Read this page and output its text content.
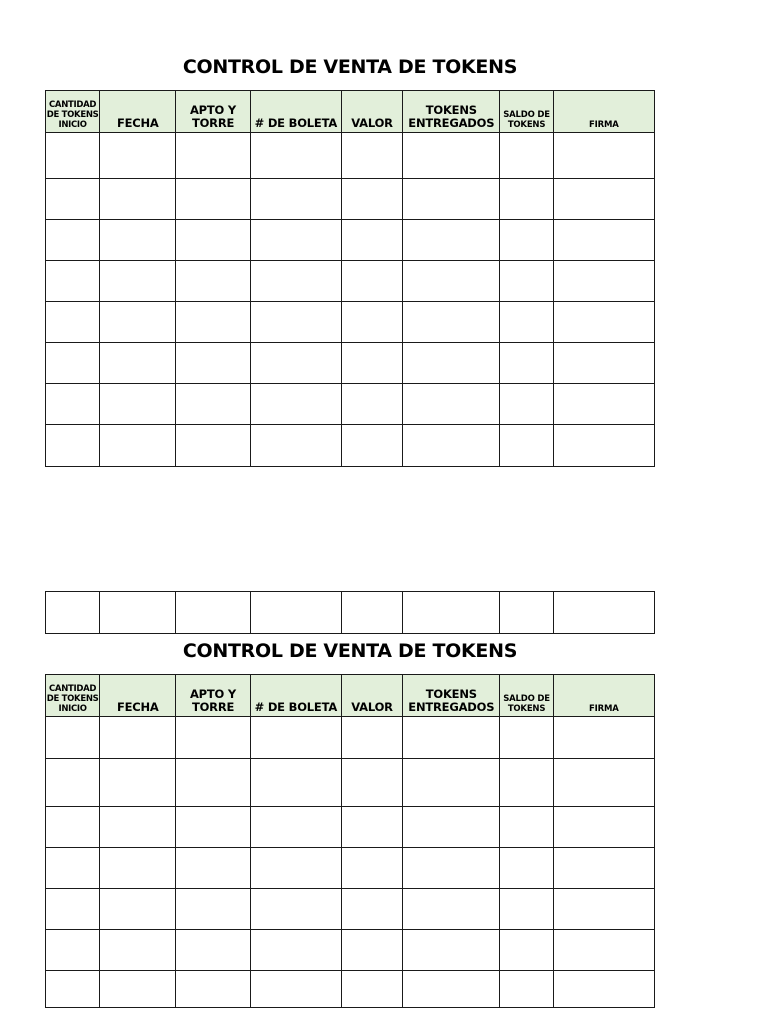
CONTROL DE VENTA DE TOKENS
CANTIDAD DE TOKENS INICIO	FECHA	APTO Y TORRE	# DE BOLETA	VALOR	TOKENS ENTREGADOS	SALDO DE TOKENS	FIRMA

CONTROL DE VENTA DE TOKENS
CANTIDAD DE TOKENS INICIO	FECHA	APTO Y TORRE	# DE BOLETA	VALOR	TOKENS ENTREGADOS	SALDO DE TOKENS	FIRMA
